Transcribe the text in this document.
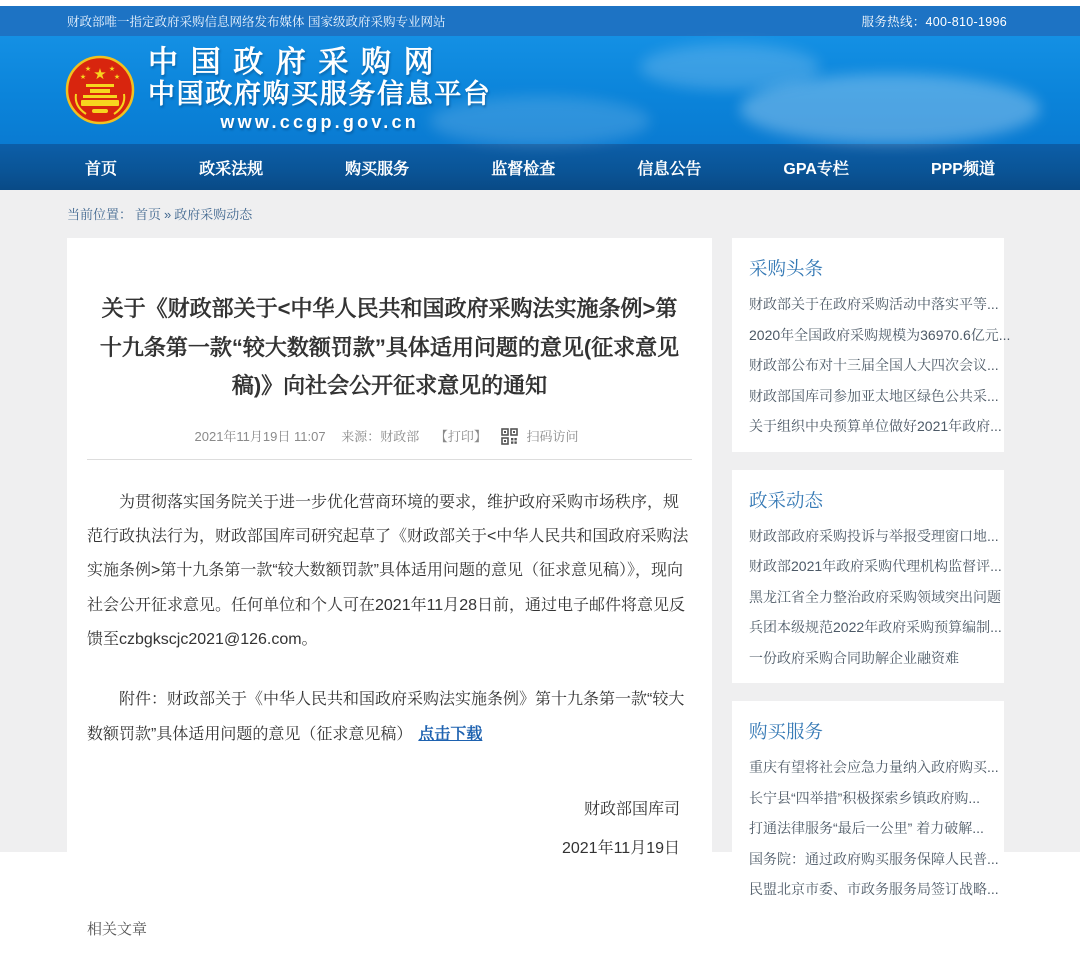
财政部唯一指定政府采购信息网络发布媒体 国家级政府采购专业网站	服务热线：400-810-1996
★
★	★
★	★ 中国政府采购网
中国政府购买服务信息平台
www.ccgp.gov.cn
首页	政采法规	购买服务	监督检查	信息公告	GPA专栏	PPP频道
当前位置： 首页 » 政府采购动态
关于《财政部关于<中华人民共和国政府采购法实施条例>第十九条第一款“较大数额罚款”具体适用问题的意见(征求意见稿)》向社会公开征求意见的通知
2021年11月19日 11:07 来源：财政部 【打印】	扫码访问

为贯彻落实国务院关于进一步优化营商环境的要求，维护政府采购市场秩序，规范行政执法行为，财政部国库司研究起草了《财政部关于<中华人民共和国政府采购法实施条例>第十九条第一款“较大数额罚款”具体适用问题的意见（征求意见稿）》，现向社会公开征求意见。任何单位和个人可在2021年11月28日前，通过电子邮件将意见反馈至czbgkscjc2021@126.com。

附件：财政部关于《中华人民共和国政府采购法实施条例》第十九条第一款“较大数额罚款”具体适用问题的意见（征求意见稿） 点击下载

财政部国库司
2021年11月19日
相关文章
采购头条
财政部关于在政府采购活动中落实平等...
2020年全国政府采购规模为36970.6亿元...
财政部公布对十三届全国人大四次会议...
财政部国库司参加亚太地区绿色公共采...
关于组织中央预算单位做好2021年政府...
政采动态
财政部政府采购投诉与举报受理窗口地...
财政部2021年政府采购代理机构监督评...
黑龙江省全力整治政府采购领域突出问题
兵团本级规范2022年政府采购预算编制...
一份政府采购合同助解企业融资难
购买服务
重庆有望将社会应急力量纳入政府购买...
长宁县“四举措”积极探索乡镇政府购...
打通法律服务“最后一公里” 着力破解...
国务院：通过政府购买服务保障人民普...
民盟北京市委、市政务服务局签订战略...
